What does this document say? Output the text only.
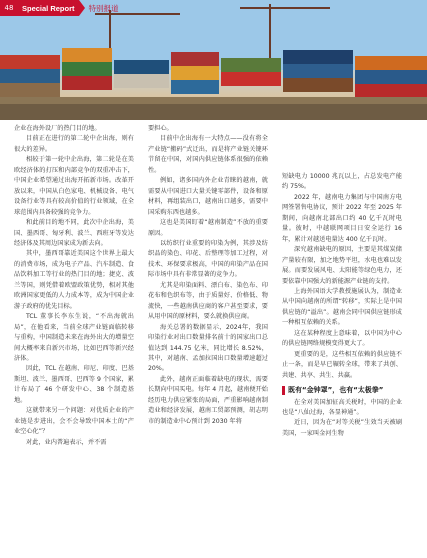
48	Special Report	特别报道

企业在海外设厂的热门目的地。

目前正在进行的第二轮中企出海，则有很大的差异。

相较于第一轮中企出海，第二轮是在美欧经济体的打压和内部竞争的双重冲击下，中国企业希望通过出海开拓新市场。改革开放以来，中国从白色家电、机械设备、电气设备行业等具有较高价值的行业领域，在全球范围内具备较强的竞争力。

和此前目的地不同，此次中企出海，美国、墨西哥、匈牙利、波兰、西班牙等发达经济体及其周边国家成为新去向。

其中，墨西哥靠近美国这个世界上最大的消费市场，成为电子产品、汽车制造、食品饮料加工等行业的热门目的地；捷克、波兰等国，则凭借着欧盟政策优势，相对其他欧洲国家更低的人力成本等，成为中国企业游子政府的优先目标。

TCL 董事长李东生说，“不出海就出局”，在他看来，当前全球产业链面临转移与重构，中国制造未来在海外出大的增量空间大概率来自新兴市场，比如巴西等新兴经济体。

因此，TCL 在越南、印尼、印度、巴基斯坦、波兰、墨西哥、巴西等 9 个国家，累计布局了 46 个研发中心、38 个制造基地。

这就带来另一个问题：对优质企业的产业链是步进出，会不会导致中国本土的“产业空心化”？

对此，业内普遍表示，并不需

要担心。

目前中企出海有一大特点——没有将全产业链“搬码”式迁出，而是将产业链关键环节留在中国，对国内供应链体系很强的依赖性。

例如，诸多国内外企业青睐的越南，就需要从中国进口大量关键零部件，设备和原材料，再组装出口，越南出口越多，需要中国采购东西也越多。

这也是美国盯着“越南制造”不放的重要原因。

以纺织行业重要的印染为例，其涉及纺织品的染色、印花、后整理等加工过程，对技术、环保要求极高，中国的印染产品在国际市场中具有非常显著的竞争力。

尤其是印染面料、漂白布、染色布、印花布和色织布等，由于质量好、价格低、物流快，一些越南供应商的客户甚至要求，要从用中国的原材料，要么就换供应商。

海关总署的数据显示，2024年，我国印染行业对出口数量排名前十的国家出口总值达到 144.75 亿米，同比增长 8.52%，其中，对越南、孟加拉国出口数量增速超过 20%。

此外，越南正面临着缺电的现状，需要长期向中国买电。每年 4 月起，越南便开始经历电力供应紧张的局面，严重影响越南制造业和经济发展，越南工贸部预测，胡志明市的制造业中心预计到 2030 年将

短缺电力 10000 兆瓦以上，占总发电产能约 75%。

2022 年，越南电力集团与中国南方电网签署售电协议，预计 2022 年至 2025 年期间，向越南北部出口约 40 亿千瓦时电量。彼时，中越联网项目日安全运行 16 年，累计对越送电量达 400 亿千瓦时。

深究越南缺电的原因，主要是其煤炭储产量较有限，加之地势平坦，水电也难以发展。而要发展风电、太阳能等绿色电力，还要依靠中国强大的新能源产业链的支持。

上海外国语大学教授施展认为，制造业从中国向越南的所谓“转移”，实际上是中国供应链的“溢出”。越南会同中国供应链形成一种相互依赖的关系。

这在某种程度上意味着，以中国为中心的供应链网络规模变得更大了。

更重要的是，这些相互依赖的供应链不止一条，而是早已辗转全球，带来了共创、共建、共享、共生、共赢。

既有“金钟罩”，也有“太极拳”

在全对美国加征高关税时，中国的企业也是“八仙过海，各显神通”。

近日，因为在“对等关税”生效当天被刷美国，一家叫金河生物
